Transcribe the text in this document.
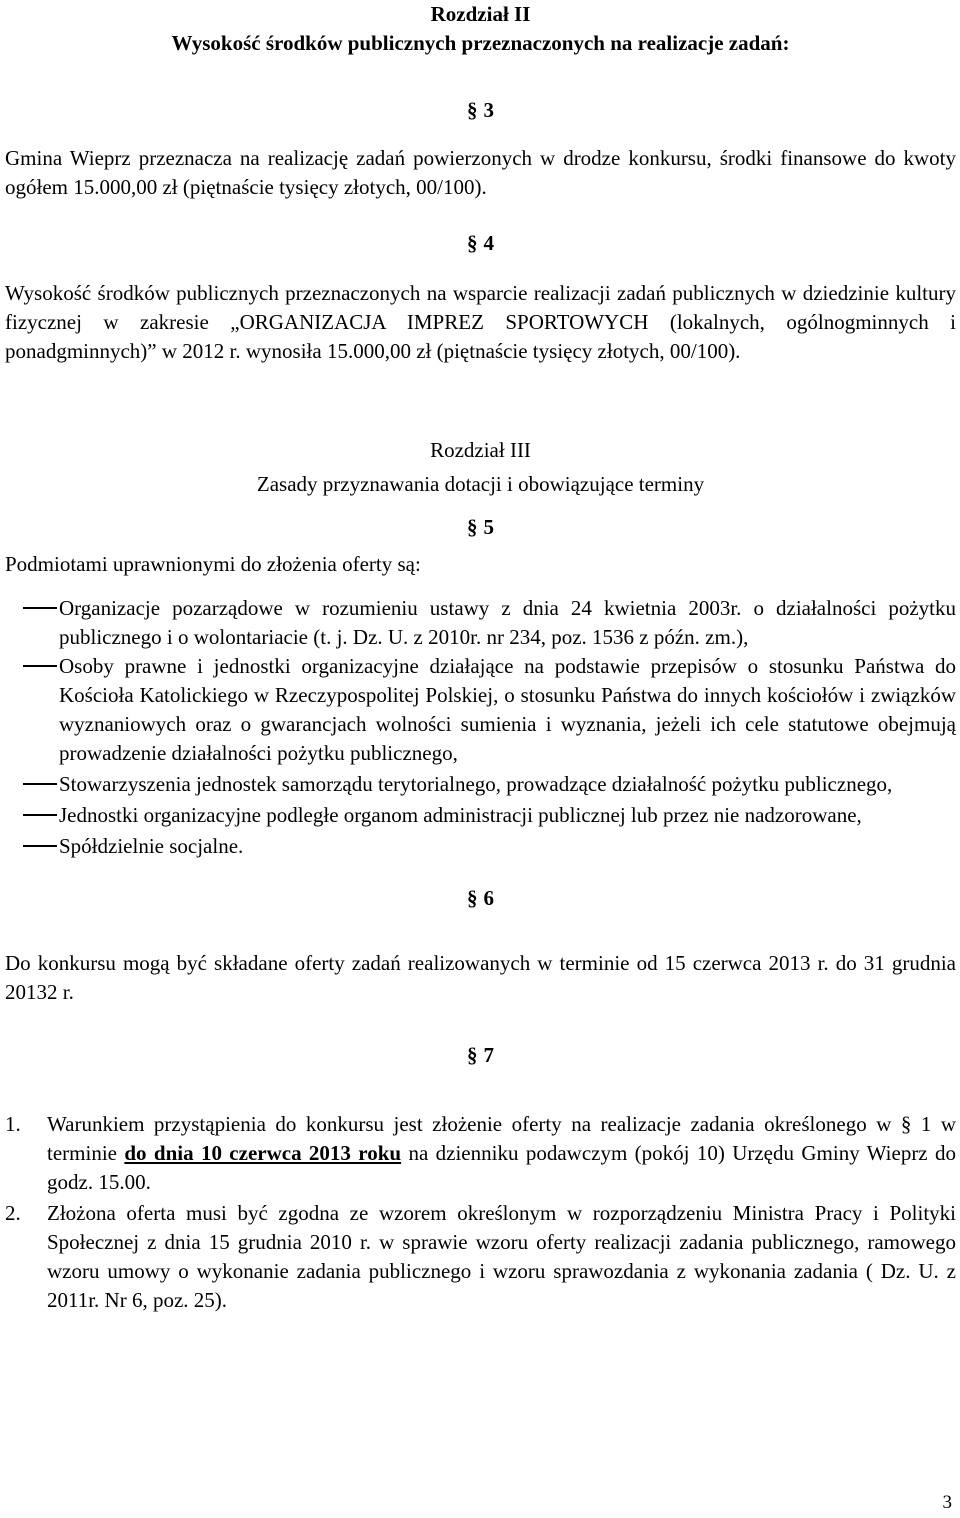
Rozdział II
Wysokość środków publicznych przeznaczonych na realizacje zadań:
§ 3

Gmina Wieprz przeznacza na realizację zadań powierzonych w drodze konkursu, środki finansowe do kwoty ogółem 15.000,00 zł (piętnaście tysięcy złotych, 00/100).

§ 4

Wysokość środków publicznych przeznaczonych na wsparcie realizacji zadań publicznych w dziedzinie kultury fizycznej w zakresie „ORGANIZACJA IMPREZ SPORTOWYCH (lokalnych, ogólnogminnych i ponadgminnych)” w 2012 r. wynosiła 15.000,00 zł (piętnaście tysięcy złotych, 00/100).

Rozdział III
Zasady przyznawania dotacji i obowiązujące terminy
§ 5

Podmiotami uprawnionymi do złożenia oferty są:

Organizacje pozarządowe w rozumieniu ustawy z dnia 24 kwietnia 2003r. o działalności pożytku publicznego i o wolontariacie (t. j. Dz. U. z 2010r. nr 234, poz. 1536 z późn. zm.),
Osoby prawne i jednostki organizacyjne działające na podstawie przepisów o stosunku Państwa do Kościoła Katolickiego w Rzeczypospolitej Polskiej, o stosunku Państwa do innych kościołów i związków wyznaniowych oraz o gwarancjach wolności sumienia i wyznania, jeżeli ich cele statutowe obejmują prowadzenie działalności pożytku publicznego,
Stowarzyszenia jednostek samorządu terytorialnego, prowadzące działalność pożytku publicznego,
Jednostki organizacyjne podległe organom administracji publicznej lub przez nie nadzorowane,
Spółdzielnie socjalne.
§ 6

Do konkursu mogą być składane oferty zadań realizowanych w terminie od 15 czerwca 2013 r. do 31 grudnia 20132 r.

§ 7
1. Warunkiem przystąpienia do konkursu jest złożenie oferty na realizacje zadania określonego w § 1 w terminie do dnia 10 czerwca 2013 roku na dzienniku podawczym (pokój 10) Urzędu Gminy Wieprz do godz. 15.00.
2. Złożona oferta musi być zgodna ze wzorem określonym w rozporządzeniu Ministra Pracy i Polityki Społecznej z dnia 15 grudnia 2010 r. w sprawie wzoru oferty realizacji zadania publicznego, ramowego wzoru umowy o wykonanie zadania publicznego i wzoru sprawozdania z wykonania zadania ( Dz. U. z 2011r. Nr 6, poz. 25).
3
